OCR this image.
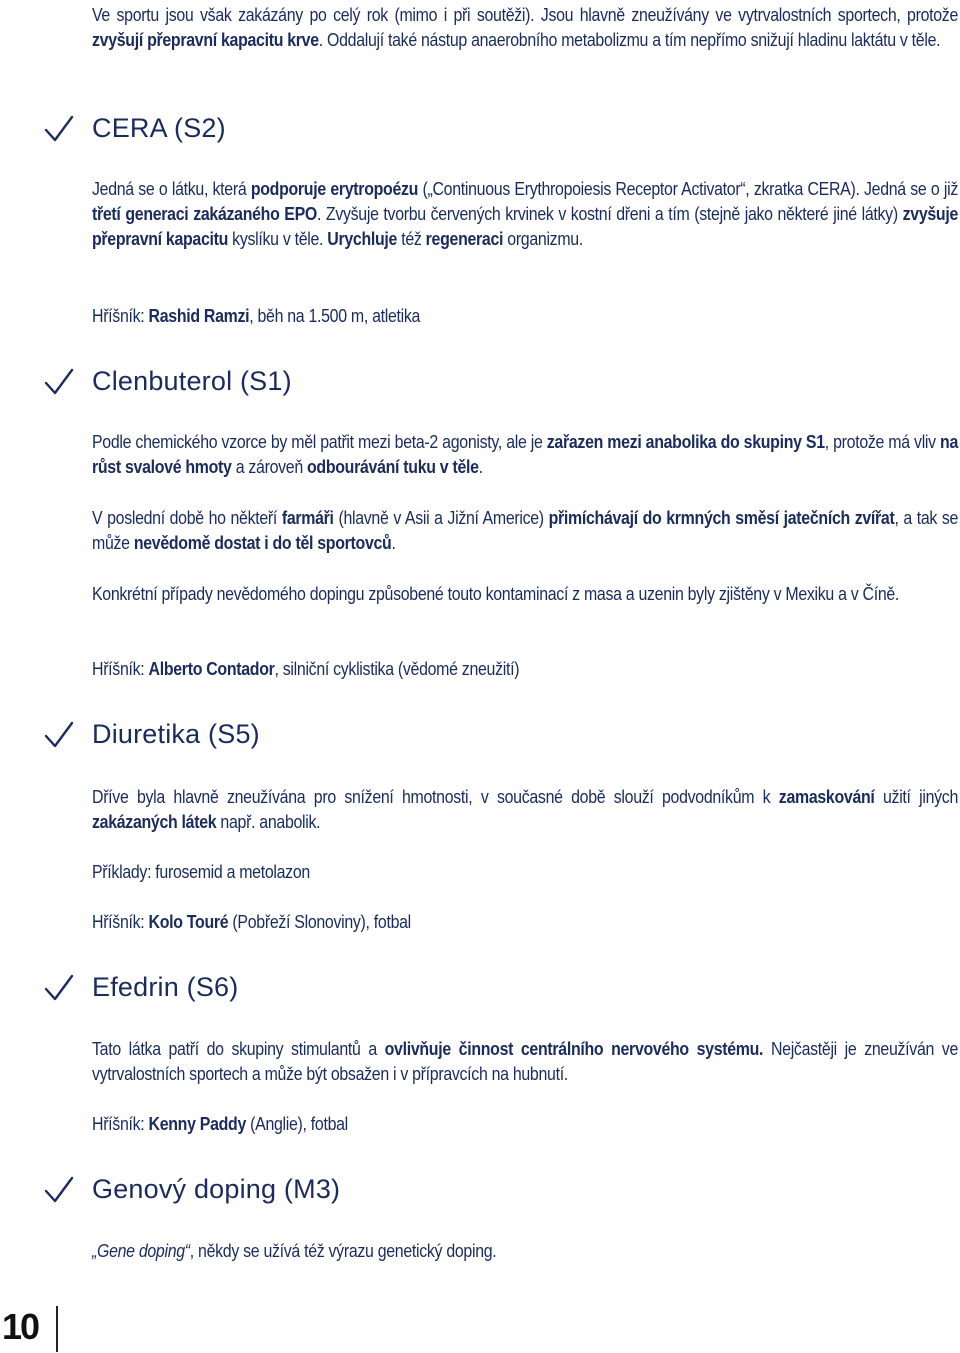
Ve sportu jsou však zakázány po celý rok (mimo i při soutěži). Jsou hlavně zneužívány ve vytrvalostních sportech, protože zvyšují přepravní kapacitu krve. Oddalují také nástup anaerobního metabolizmu a tím nepřímo snižují hladinu laktátu v těle.

CERA (S2)

Jedná se o látku, která podporuje erytropoézu („Continuous Erythropoiesis Receptor Activator“, zkratka CERA). Jedná se o již třetí generaci zakázaného EPO. Zvyšuje tvorbu červených krvinek v kostní dřeni a tím (stejně jako některé jiné látky) zvyšuje přepravní kapacitu kyslíku v těle. Urychluje též regeneraci organizmu.

Hříšník: Rashid Ramzi, běh na 1.500 m, atletika

Clenbuterol (S1)

Podle chemického vzorce by měl patřit mezi beta-2 agonisty, ale je zařazen mezi anabolika do skupiny S1, protože má vliv na růst svalové hmoty a zároveň odbourávání tuku v těle.

V poslední době ho někteří farmáři (hlavně v Asii a Jižní Americe) přimíchávají do krmných směsí jatečních zvířat, a tak se může nevědomě dostat i do těl sportovců.

Konkrétní případy nevědomého dopingu způsobené touto kontaminací z masa a uzenin byly zjištěny v Mexiku a v Číně.

Hříšník: Alberto Contador, silniční cyklistika (vědomé zneužití)

Diuretika (S5)

Dříve byla hlavně zneužívána pro snížení hmotnosti, v současné době slouží podvodníkům k zamaskování užití jiných zakázaných látek např. anabolik.

Příklady: furosemid a metolazon

Hříšník: Kolo Touré (Pobřeží Slonoviny), fotbal

Efedrin (S6)

Tato látka patří do skupiny stimulantů a ovlivňuje činnost centrálního nervového systému. Nejčastěji je zneužíván ve vytrvalostních sportech a může být obsažen i v přípravcích na hubnutí.

Hříšník: Kenny Paddy (Anglie), fotbal

Genový doping (M3)

„Gene doping“, někdy se užívá též výrazu genetický doping.

10
